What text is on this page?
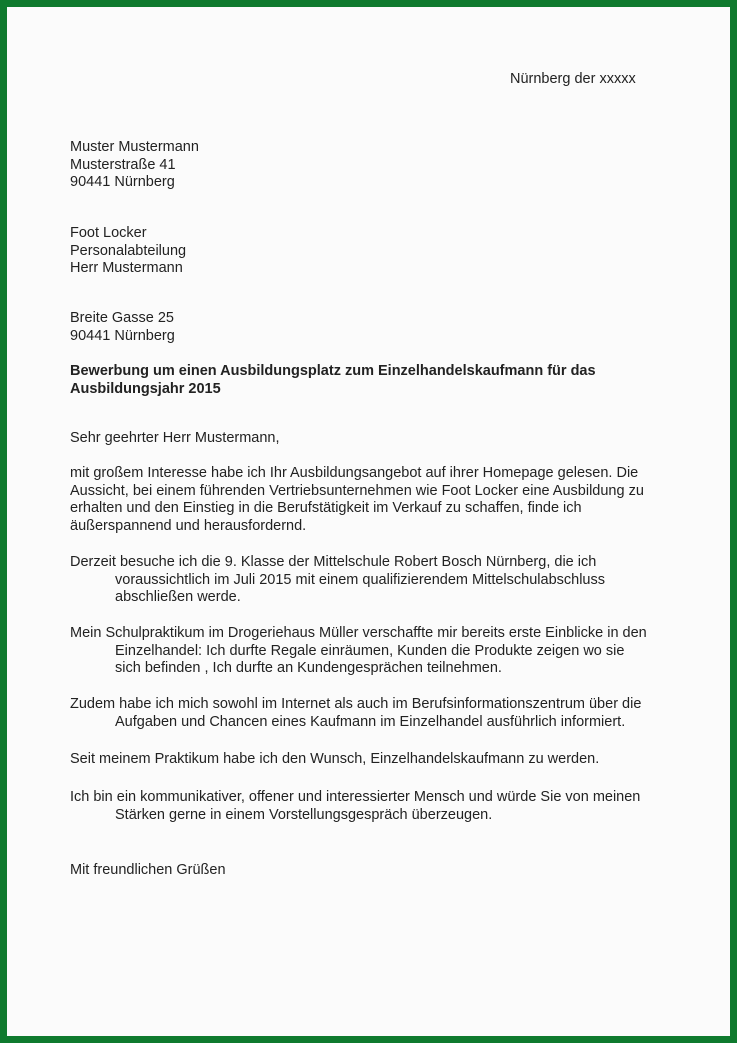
Nürnberg der xxxxx
Muster Mustermann
Musterstraße 41
90441 Nürnberg
Foot Locker
Personalabteilung
Herr Mustermann
Breite Gasse 25
90441 Nürnberg
Bewerbung um einen Ausbildungsplatz zum Einzelhandelskaufmann für das
Ausbildungsjahr 2015
Sehr geehrter Herr Mustermann,
mit großem Interesse habe ich Ihr Ausbildungsangebot auf ihrer Homepage gelesen. Die
Aussicht, bei einem führenden Vertriebsunternehmen wie Foot Locker eine Ausbildung zu
erhalten und den Einstieg in die Berufstätigkeit im Verkauf zu schaffen, finde ich
äußerspannend und herausfordernd.
Derzeit besuche ich die 9. Klasse der Mittelschule Robert Bosch Nürnberg, die ich
voraussichtlich im Juli 2015 mit einem qualifizierendem Mittelschulabschluss
abschließen werde.
Mein Schulpraktikum im Drogeriehaus Müller verschaffte mir bereits erste Einblicke in den
Einzelhandel: Ich durfte Regale einräumen, Kunden die Produkte zeigen wo sie
sich befinden , Ich durfte an Kundengesprächen teilnehmen.
Zudem habe ich mich sowohl im Internet als auch im Berufsinformationszentrum über die
Aufgaben und Chancen eines Kaufmann im Einzelhandel ausführlich informiert.
Seit meinem Praktikum habe ich den Wunsch, Einzelhandelskaufmann zu werden.
Ich bin ein kommunikativer, offener und interessierter Mensch und würde Sie von meinen
Stärken gerne in einem Vorstellungsgespräch überzeugen.
Mit freundlichen Grüßen
